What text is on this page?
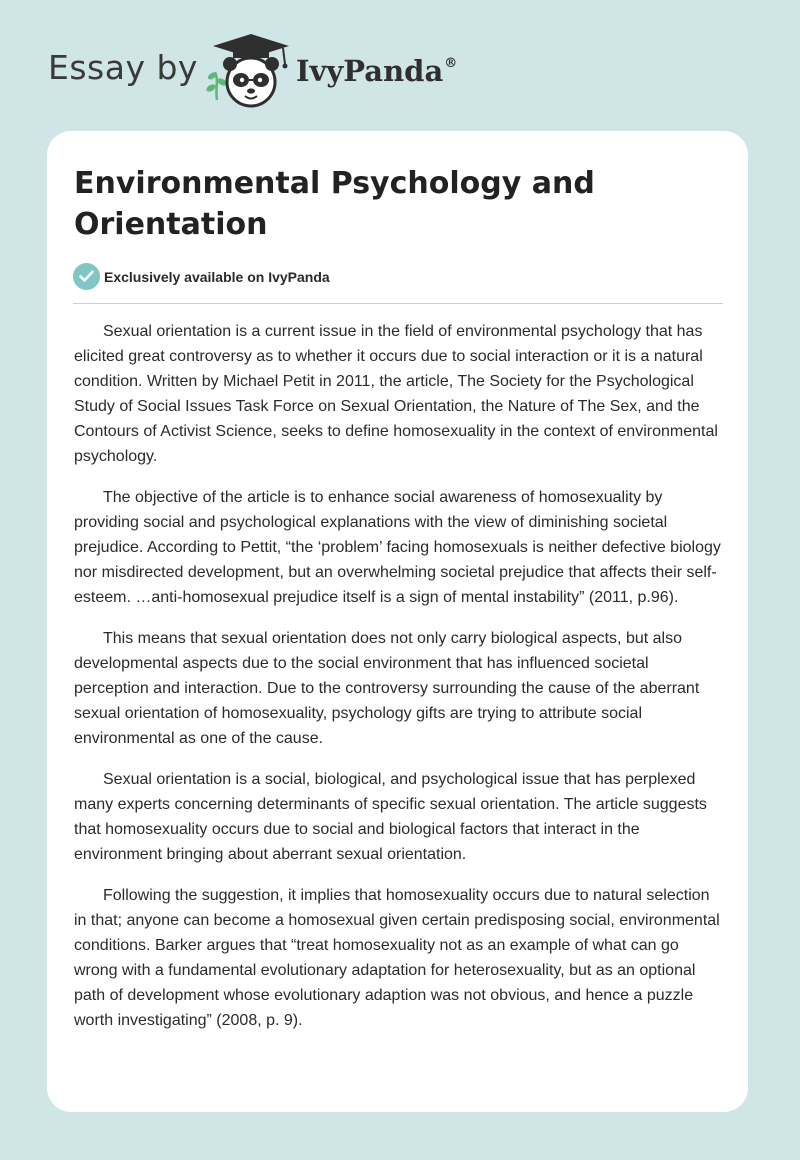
Essay by	IvyPanda®
Environmental Psychology and Orientation
Exclusively available on IvyPanda

Sexual orientation is a current issue in the field of environmental psychology that has elicited great controversy as to whether it occurs due to social interaction or it is a natural condition. Written by Michael Petit in 2011, the article, The Society for the Psychological Study of Social Issues Task Force on Sexual Orientation, the Nature of The Sex, and the Contours of Activist Science, seeks to define homosexuality in the context of environmental psychology.

The objective of the article is to enhance social awareness of homosexuality by providing social and psychological explanations with the view of diminishing societal prejudice. According to Pettit, “the ‘problem’ facing homosexuals is neither defective biology nor misdirected development, but an overwhelming societal prejudice that affects their self-esteem. …anti-homosexual prejudice itself is a sign of mental instability” (2011, p.96).

This means that sexual orientation does not only carry biological aspects, but also developmental aspects due to the social environment that has influenced societal perception and interaction. Due to the controversy surrounding the cause of the aberrant sexual orientation of homosexuality, psychology gifts are trying to attribute social environmental as one of the cause.

Sexual orientation is a social, biological, and psychological issue that has perplexed many experts concerning determinants of specific sexual orientation. The article suggests that homosexuality occurs due to social and biological factors that interact in the environment bringing about aberrant sexual orientation.

Following the suggestion, it implies that homosexuality occurs due to natural selection in that; anyone can become a homosexual given certain predisposing social, environmental conditions. Barker argues that “treat homosexuality not as an example of what can go wrong with a fundamental evolutionary adaptation for heterosexuality, but as an optional path of development whose evolutionary adaption was not obvious, and hence a puzzle worth investigating” (2008, p. 9).
